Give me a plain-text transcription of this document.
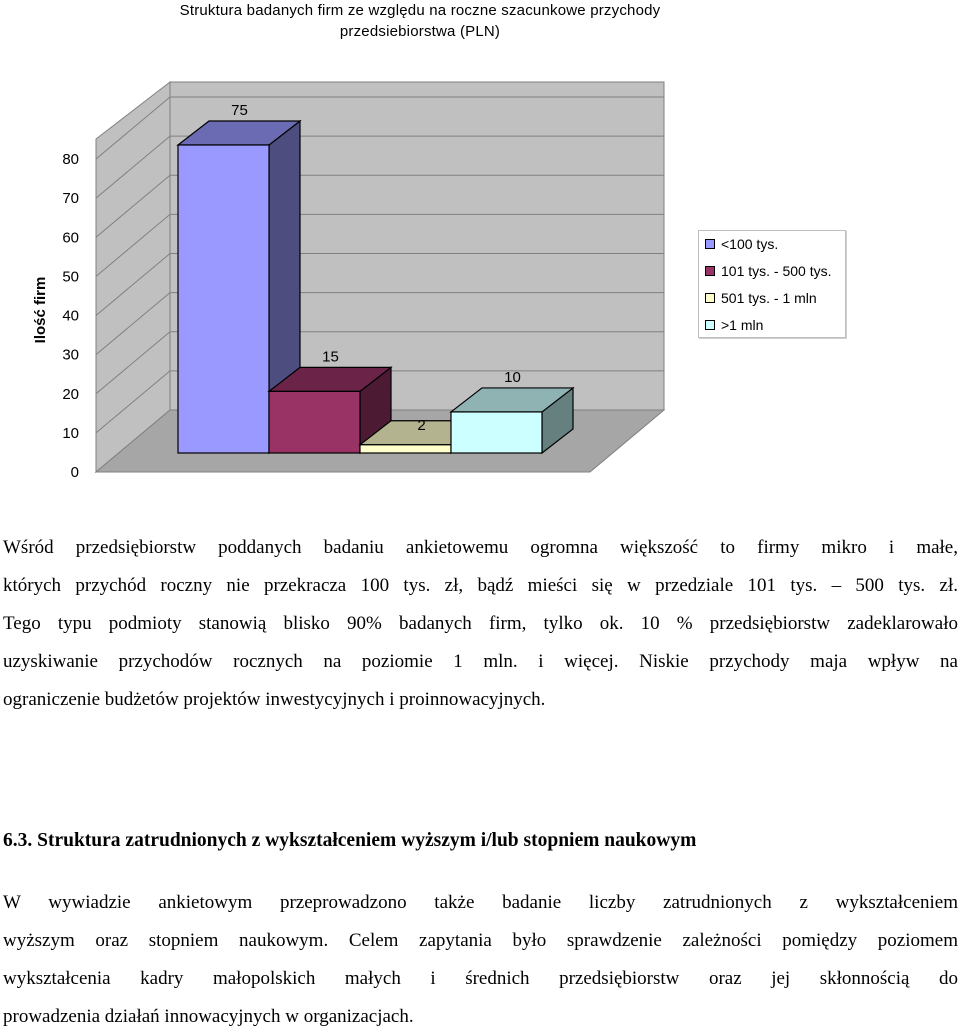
Struktura badanych firm ze względu na roczne szacunkowe przychody
przedsiebiorstwa (PLN)
0
10
20
30
40
50
60
70
80
75
15
2
10
Ilość firm
<100 tys.
101 tys. - 500 tys.
501 tys. - 1 mln
>1 mln
Wśród przedsiębiorstw poddanych badaniu ankietowemu ogromna większość to firmy mikro i małe,
których przychód roczny nie przekracza 100 tys. zł, bądź mieści się w przedziale 101 tys. – 500 tys. zł.
Tego typu podmioty stanowią blisko 90% badanych firm, tylko ok. 10 % przedsiębiorstw zadeklarowało
uzyskiwanie przychodów rocznych na poziomie 1 mln. i więcej. Niskie przychody maja wpływ na
ograniczenie budżetów projektów inwestycyjnych i proinnowacyjnych.
6.3. Struktura zatrudnionych z wykształceniem wyższym i/lub stopniem naukowym
W wywiadzie ankietowym przeprowadzono także badanie liczby zatrudnionych z wykształceniem
wyższym oraz stopniem naukowym. Celem zapytania było sprawdzenie zależności pomiędzy poziomem
wykształcenia kadry małopolskich małych i średnich przedsiębiorstw oraz jej skłonnością do
prowadzenia działań innowacyjnych w organizacjach.
